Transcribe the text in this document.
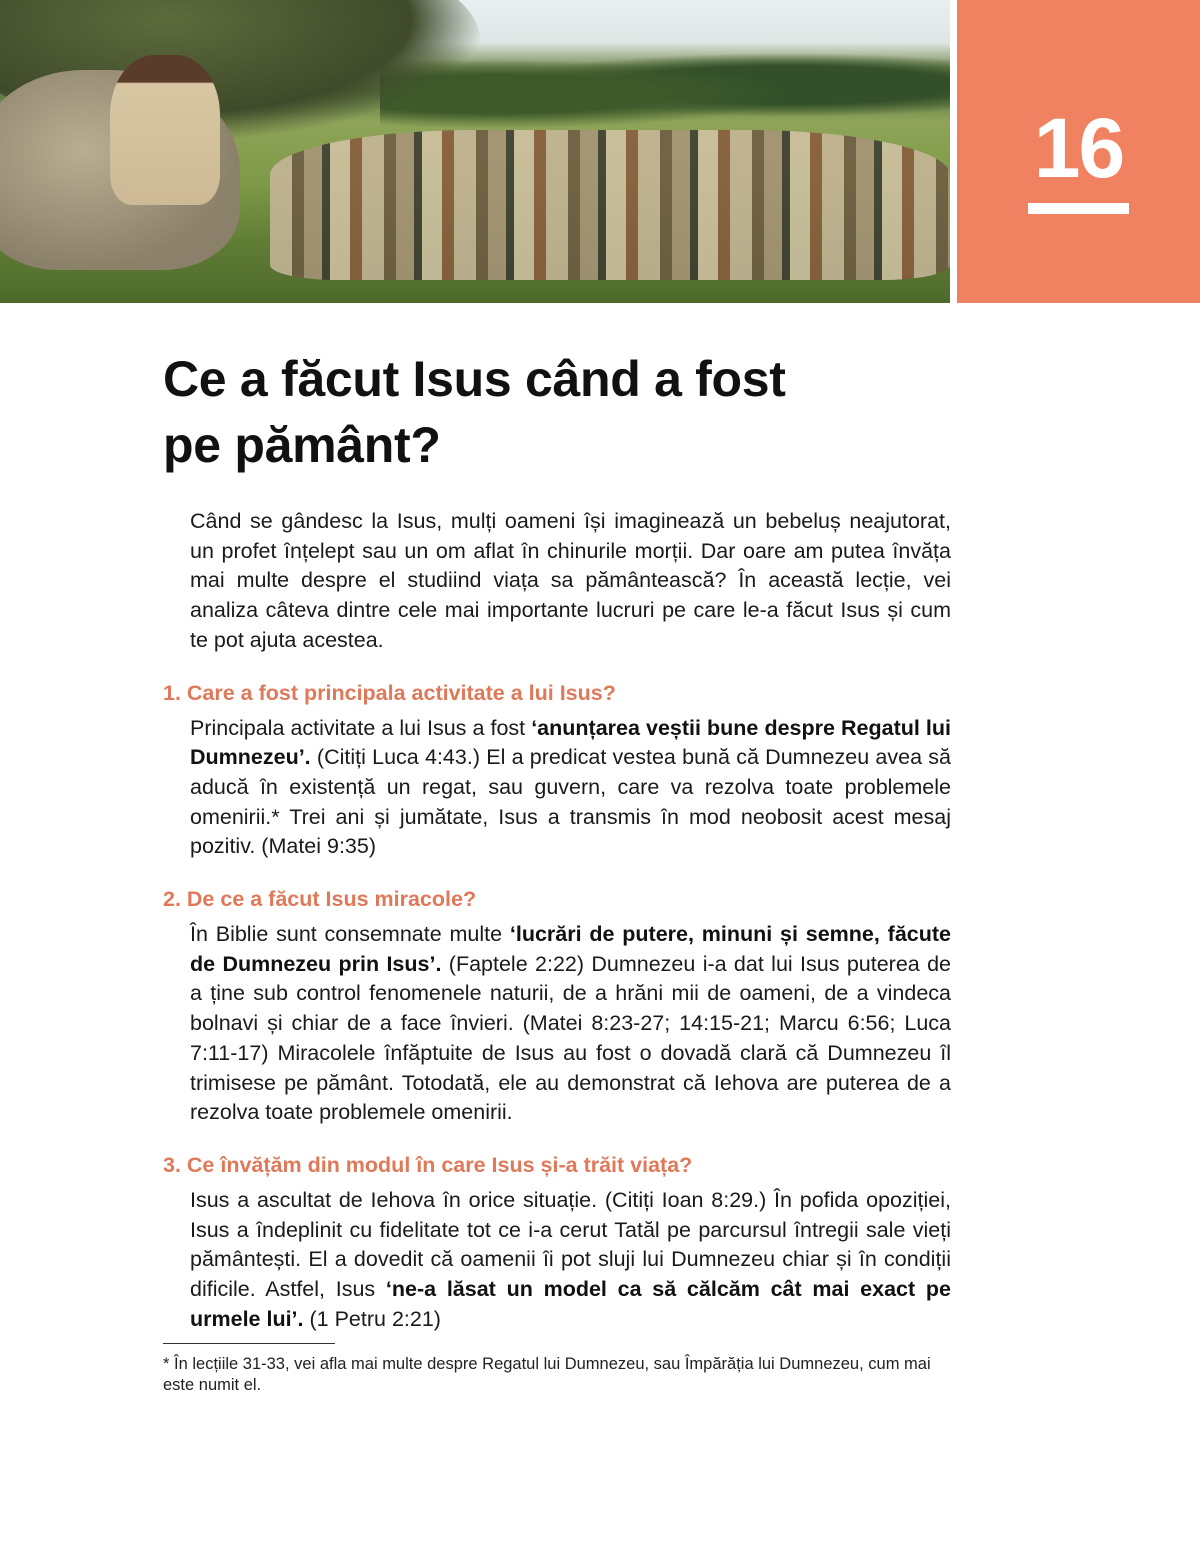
16
Ce a făcut Isus când a fost
pe pământ?

Când se gândesc la Isus, mulți oameni își imaginează un bebeluș neajutorat, un profet înțelept sau un om aflat în chinurile morții. Dar oare am putea învăța mai multe despre el studiind viața sa pământească? În această lecție, vei analiza câteva dintre cele mai importante lucruri pe care le-a făcut Isus și cum te pot ajuta acestea.

1. Care a fost principala activitate a lui Isus?

Principala activitate a lui Isus a fost ‘anunțarea veștii bune despre Regatul lui Dumnezeu’. (Citiți Luca 4:43.) El a predicat vestea bună că Dumnezeu avea să aducă în existență un regat, sau guvern, care va rezolva toate problemele omenirii.* Trei ani și jumătate, Isus a transmis în mod neobosit acest mesaj pozitiv. (Matei 9:35)

2. De ce a făcut Isus miracole?

În Biblie sunt consemnate multe ‘lucrări de putere, minuni și semne, făcute de Dumnezeu prin Isus’. (Faptele 2:22) Dumnezeu i-a dat lui Isus puterea de a ține sub control fenomenele naturii, de a hrăni mii de oameni, de a vindeca bolnavi și chiar de a face învieri. (Matei 8:23-27; 14:15-21; Marcu 6:56; Luca 7:11-17) Miracolele înfăptuite de Isus au fost o dovadă clară că Dumnezeu îl trimisese pe pământ. Totodată, ele au demonstrat că Iehova are puterea de a rezolva toate problemele omenirii.

3. Ce învățăm din modul în care Isus și-a trăit viața?

Isus a ascultat de Iehova în orice situație. (Citiți Ioan 8:29.) În pofida opoziției, Isus a îndeplinit cu fidelitate tot ce i-a cerut Tatăl pe parcursul întregii sale vieți pământești. El a dovedit că oamenii îi pot sluji lui Dumnezeu chiar și în condiții dificile. Astfel, Isus ‘ne-a lăsat un model ca să călcăm cât mai exact pe urmele lui’. (1 Petru 2:21)

* În lecțiile 31-33, vei afla mai multe despre Regatul lui Dumnezeu, sau Împărăția lui Dumnezeu, cum mai este numit el.
